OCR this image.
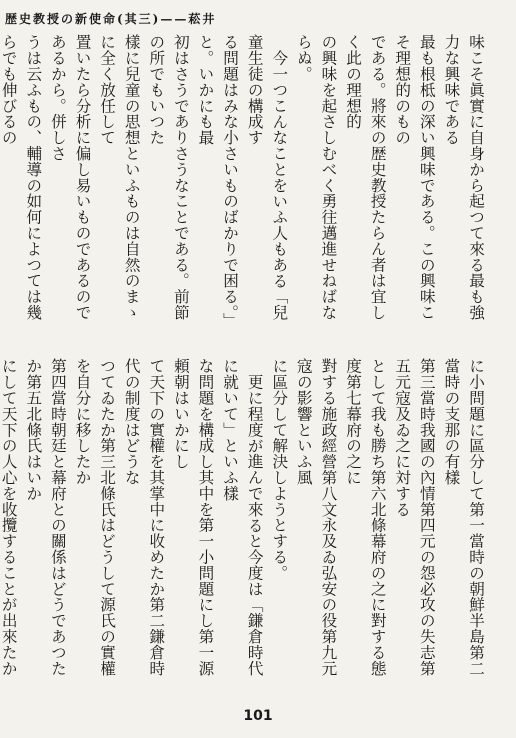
歴史教授の新使命(其三)——菘井

味こそ眞實に自身から起つて來る最も強力な興味である

最も根柢の深い興味である。この興味こそ理想的のもの

である。將來の歴史教授たらん者は宜しく此の理想的

の興味を起さしむべく勇往邁進せねばならぬ。

今一つこんなことをいふ人もある「兒童生徒の構成す

る問題はみな小さいものばかりで困る。」と。いかにも最

初はさうでありさうなことである。前節の所でもいつた

樣に兒童の思想といふものは自然のまゝに全く放任して

置いたら分析に偏し易いものであるのであるから。併しさ

うは云ふもの、輔導の如何によつては幾らでも伸びるの

に小問題に區分して第一當時の朝鮮半島第二當時の支那の有樣

第三當時我國の內情第四元の怨必攻の失志第五元寇及ゐ之に対する

として我も勝ち第六北條幕府の之に對する態度第七幕府の之に

對する施政經營第八文永及ゐ弘安の役第九元寇の影響といふ風

に區分して解決しようとする。

更に程度が進んで來ると今度は「鎌倉時代に就いて」といふ樣

な問題を構成し其中を第一小問題にし第一源頼朝はいかにし

て天下の實權を其掌中に收めたか第二鎌倉時代の制度はどうな

つてゐたか第三北條氏はどうして源氏の實權を自分に移したか

第四當時朝廷と幕府との關係はどうであつたか第五北條氏はいか

にして天下の人心を收攬することが出來たか

101
